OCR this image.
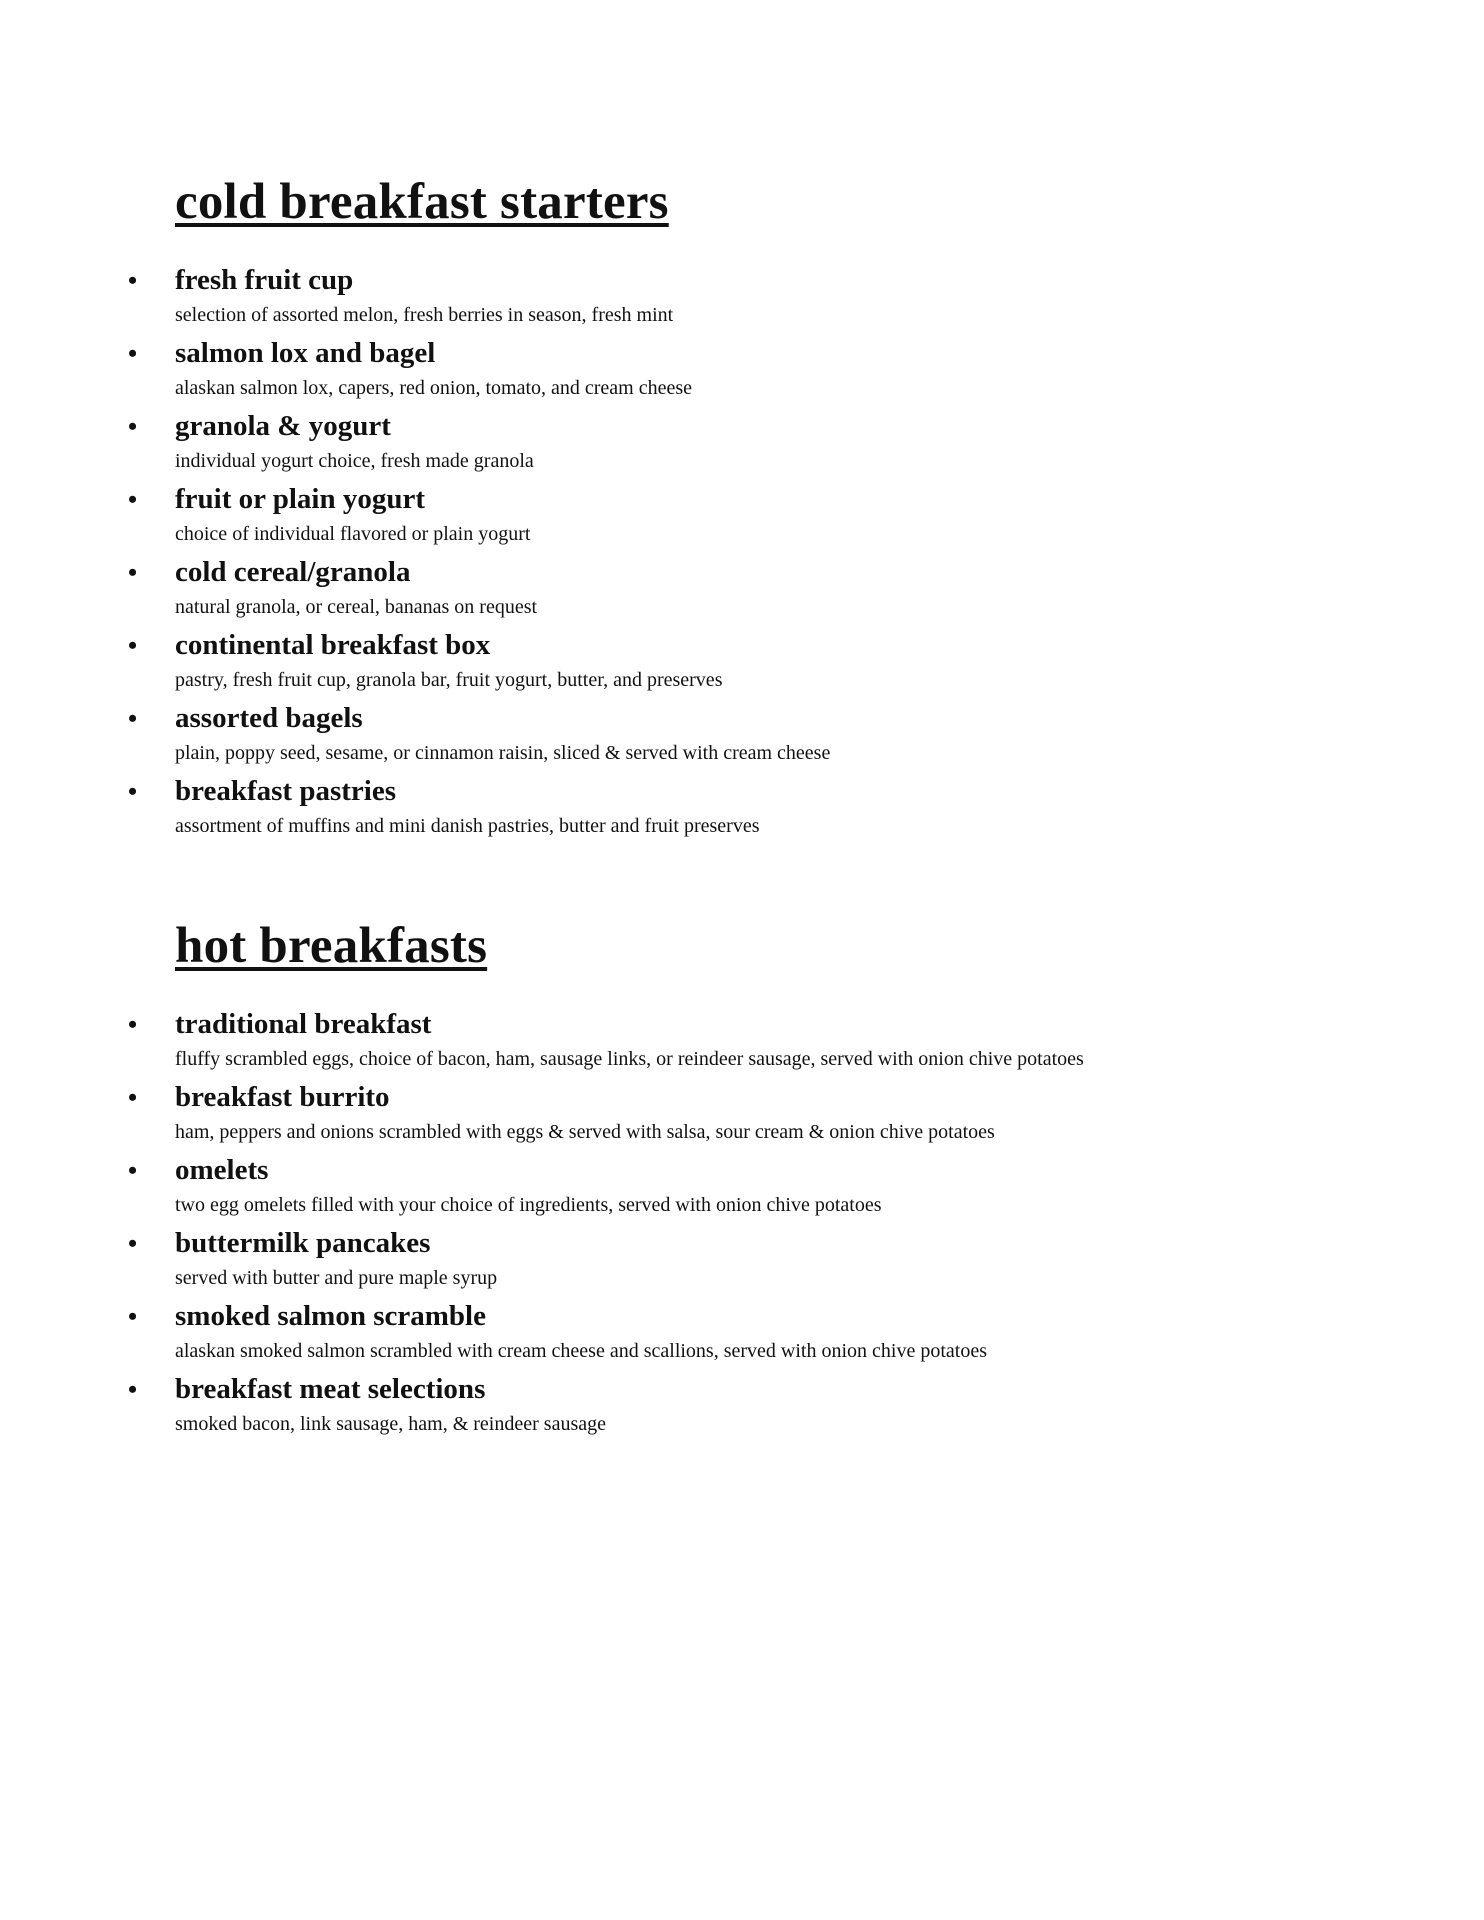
cold breakfast starters
• fresh fruit cup
selection of assorted melon, fresh berries in season, fresh mint
• salmon lox and bagel
alaskan salmon lox, capers, red onion, tomato, and cream cheese
• granola & yogurt
individual yogurt choice, fresh made granola
• fruit or plain yogurt
choice of individual flavored or plain yogurt
• cold cereal/granola
natural granola, or cereal, bananas on request
• continental breakfast box
pastry, fresh fruit cup, granola bar, fruit yogurt, butter, and preserves
• assorted bagels
plain, poppy seed, sesame, or cinnamon raisin, sliced & served with cream cheese
• breakfast pastries
assortment of muffins and mini danish pastries, butter and fruit preserves
hot breakfasts
• traditional breakfast
fluffy scrambled eggs, choice of bacon, ham, sausage links, or reindeer sausage, served with onion chive potatoes
• breakfast burrito
ham, peppers and onions scrambled with eggs & served with salsa, sour cream & onion chive potatoes
• omelets
two egg omelets filled with your choice of ingredients, served with onion chive potatoes
• buttermilk pancakes
served with butter and pure maple syrup
• smoked salmon scramble
alaskan smoked salmon scrambled with cream cheese and scallions, served with onion chive potatoes
• breakfast meat selections
smoked bacon, link sausage, ham, & reindeer sausage
